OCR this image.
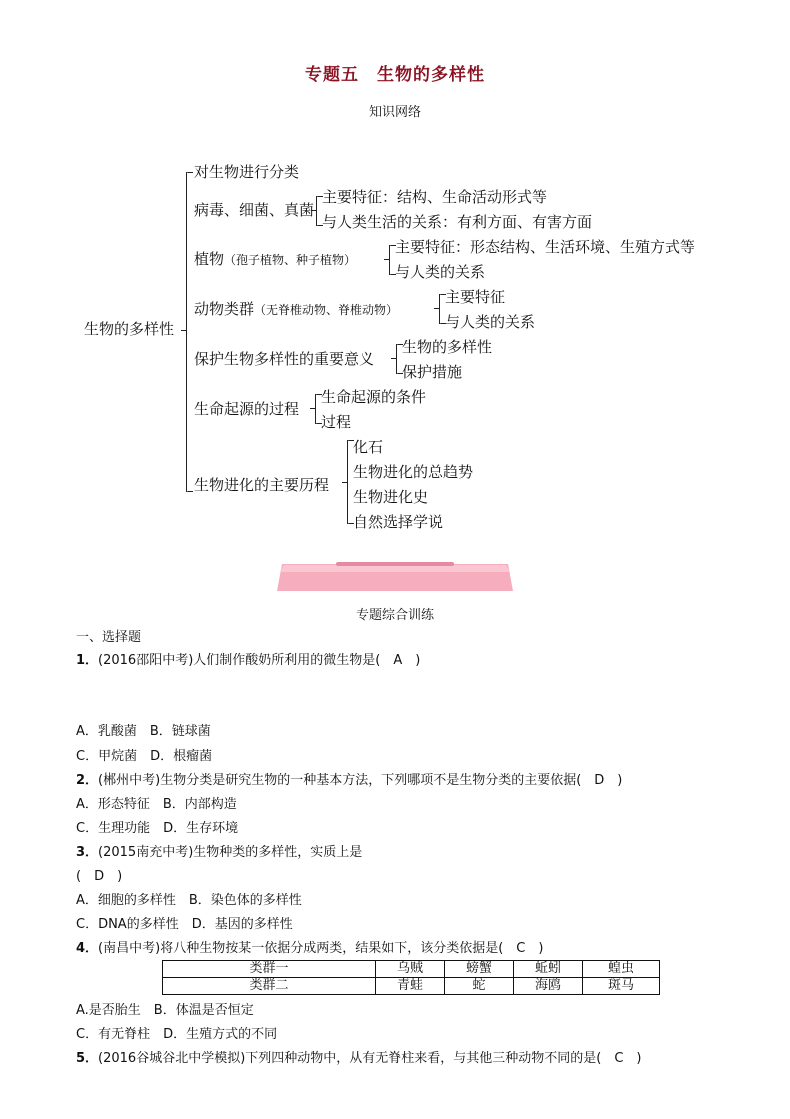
专题五　生物的多样性
知识网络
生物的多样性
对生物进行分类
病毒、细菌、真菌
主要特征：结构、生命活动形式等
与人类生活的关系：有利方面、有害方面
植物（孢子植物、种子植物）
主要特征：形态结构、生活环境、生殖方式等
与人类的关系
动物类群（无脊椎动物、脊椎动物）
主要特征
与人类的关系
保护生物多样性的重要意义
生物的多样性
保护措施
生命起源的过程
生命起源的条件
过程
生物进化的主要历程
化石
生物进化的总趋势
生物进化史
自然选择学说
专题综合训练
一、选择题
1．(2016邵阳中考)人们制作酸奶所利用的微生物是(　A　)
A．乳酸菌　B．链球菌
C．甲烷菌　D．根瘤菌
2．(郴州中考)生物分类是研究生物的一种基本方法，下列哪项不是生物分类的主要依据(　D　)
A．形态特征　B．内部构造
C．生理功能　D．生存环境
3．(2015南充中考)生物种类的多样性，实质上是
(　D　)
A．细胞的多样性　B．染色体的多样性
C．DNA的多样性　D．基因的多样性
4．(南昌中考)将八种生物按某一依据分成两类，结果如下，该分类依据是(　C　)
类群一	乌贼	螃蟹	蚯蚓	蝗虫
类群二	青蛙	蛇	海鸥	斑马
A.是否胎生　B．体温是否恒定
C．有无脊柱　D．生殖方式的不同
5．(2016谷城谷北中学模拟)下列四种动物中，从有无脊柱来看，与其他三种动物不同的是(　C　)
